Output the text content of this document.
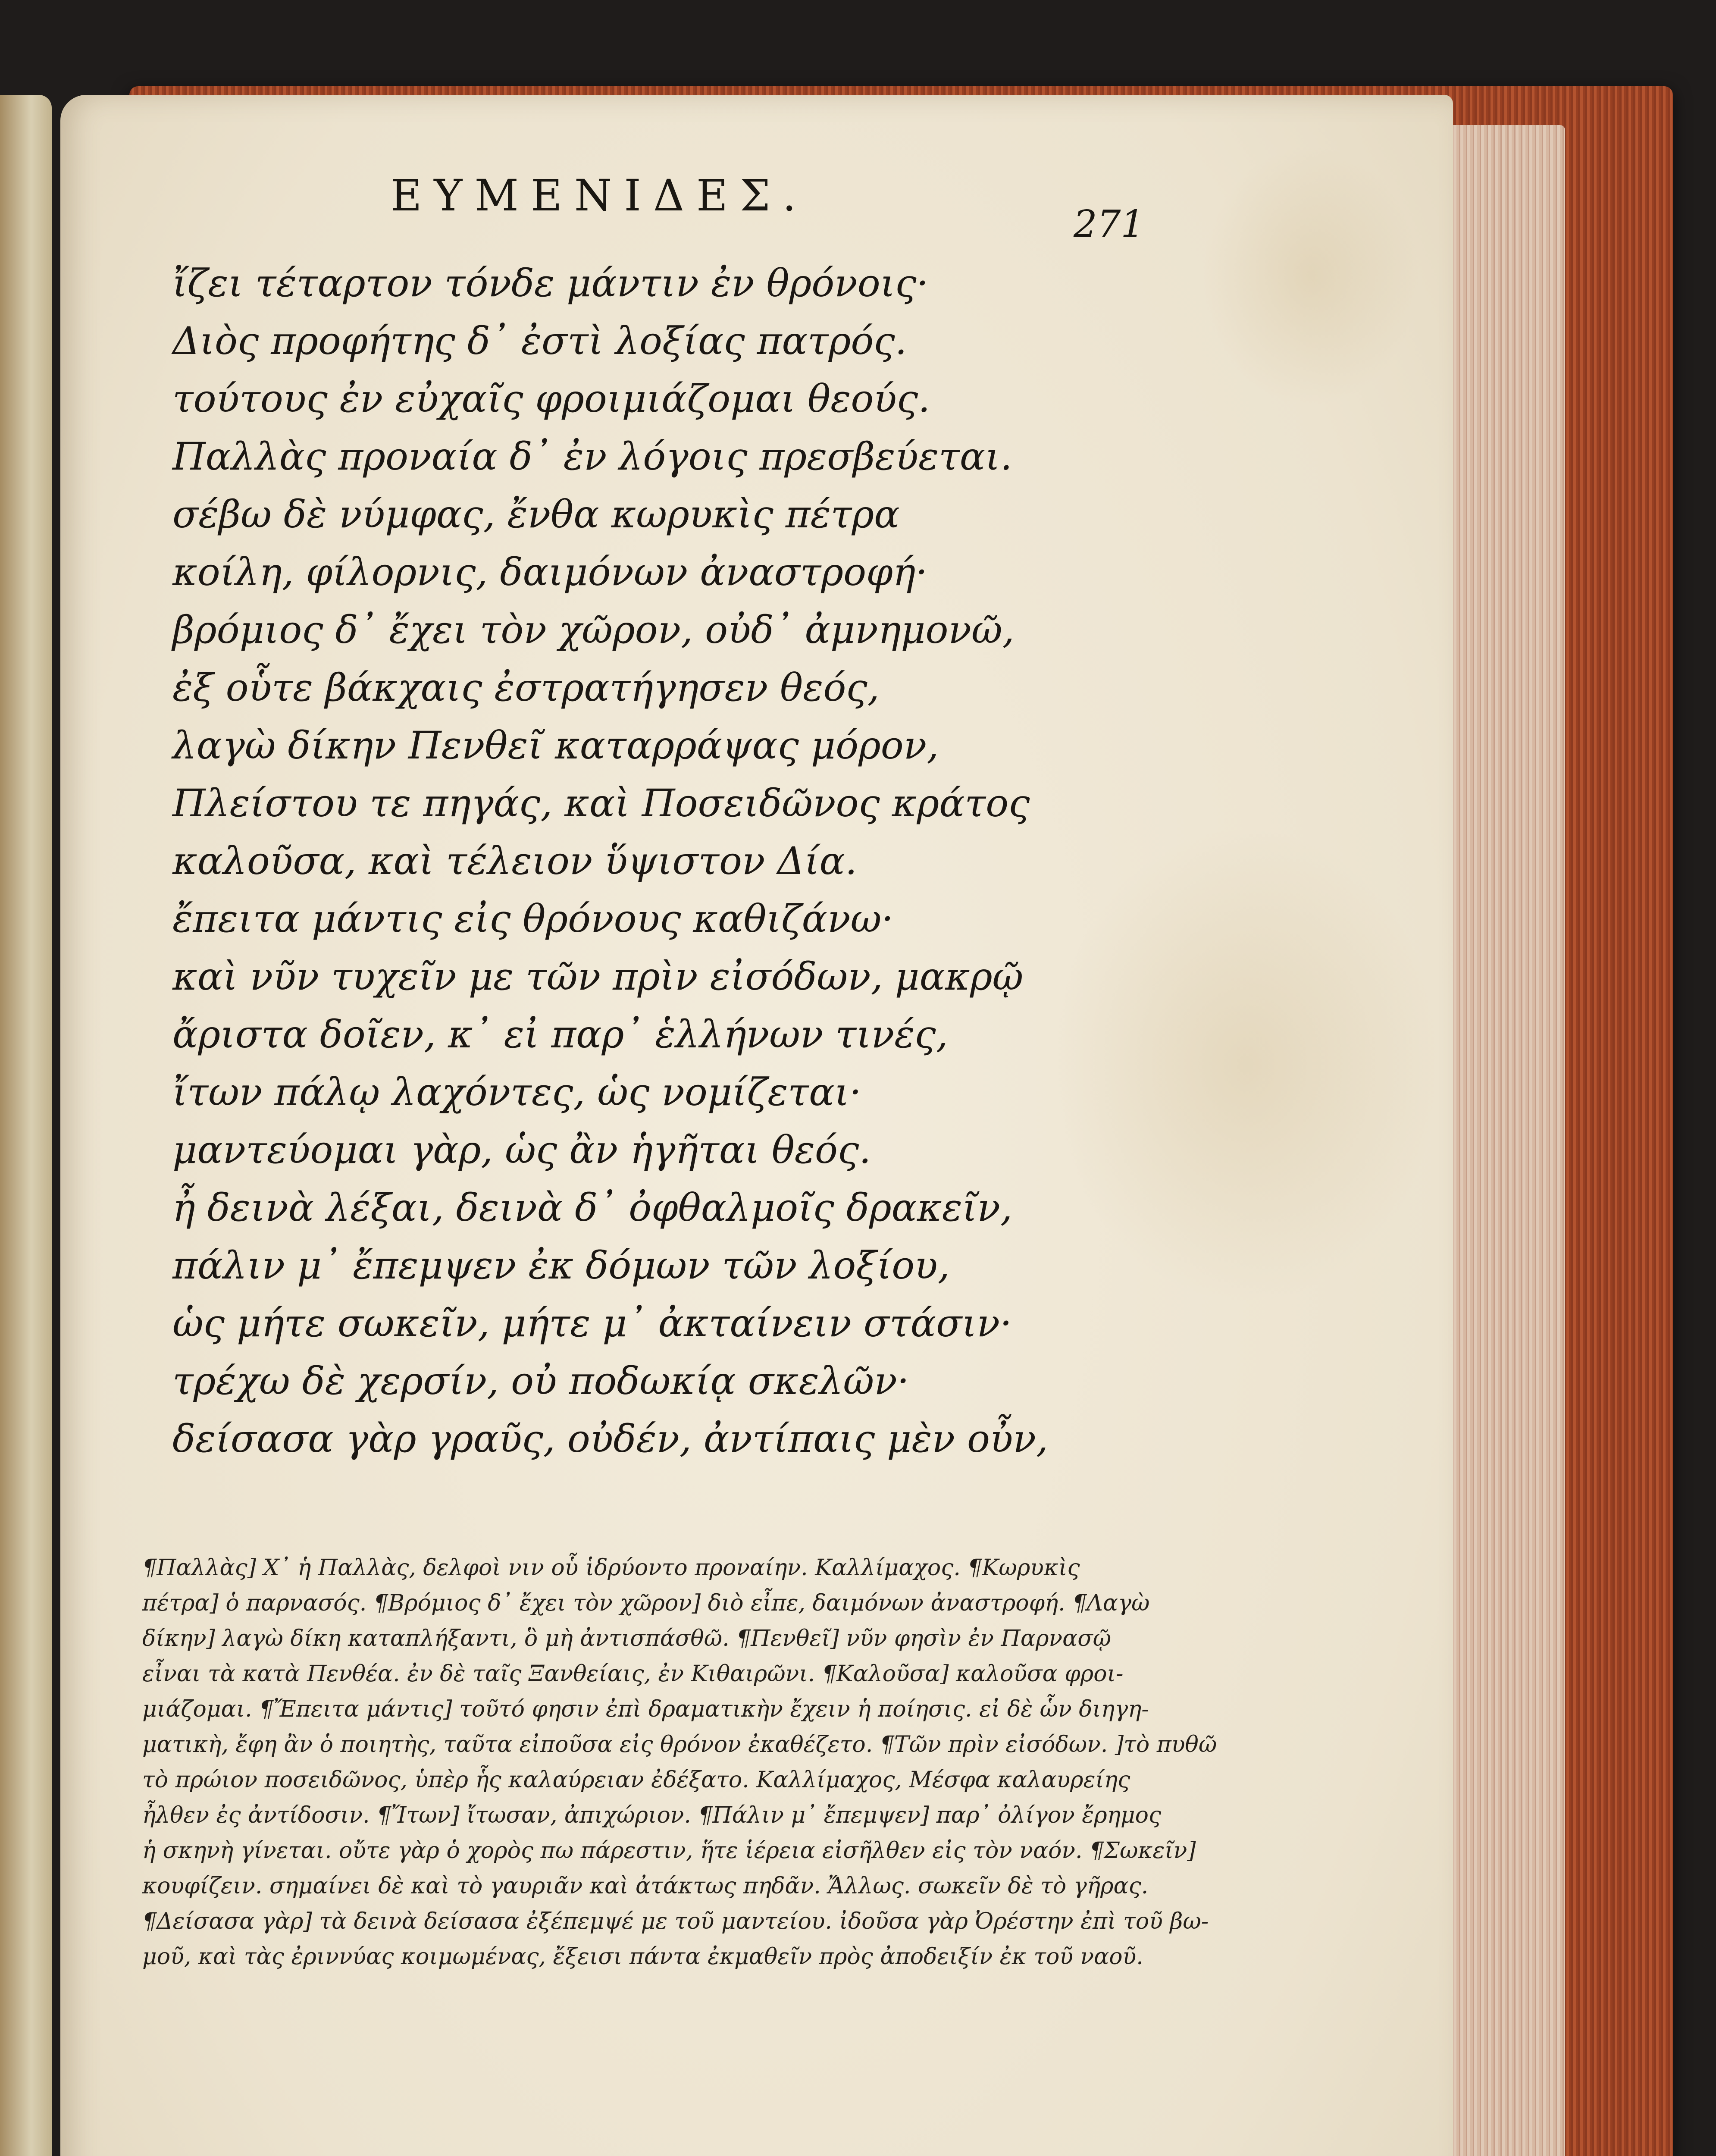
ΕΥΜΕΝΙΔΕΣ.
271
ἴζει τέταρτον τόνδε μάντιν ἐν θρόνοις·
Διὸς προφήτης δ᾽ ἐστὶ λοξίας πατρός.
τούτους ἐν εὐχαῖς φροιμιάζομαι θεούς.
Παλλὰς προναία δ᾽ ἐν λόγοις πρεσβεύεται.
σέβω δὲ νύμφας, ἔνθα κωρυκὶς πέτρα
κοίλη, φίλορνις, δαιμόνων ἀναστροφή·
βρόμιος δ᾽ ἔχει τὸν χῶρον, οὐδ᾽ ἀμνημονῶ,
ἐξ οὗτε βάκχαις ἐστρατήγησεν θεός,
λαγὼ δίκην Πενθεῖ καταρράψας μόρον,
Πλείστου τε πηγάς, καὶ Ποσειδῶνος κράτος
καλοῦσα, καὶ τέλειον ὕψιστον Δία.
ἔπειτα μάντις εἰς θρόνους καθιζάνω·
καὶ νῦν τυχεῖν με τῶν πρὶν εἰσόδων, μακρῷ
ἄριστα δοῖεν, κ᾽ εἰ παρ᾽ ἑλλήνων τινές,
ἴτων πάλῳ λαχόντες, ὡς νομίζεται·
μαντεύομαι γὰρ, ὡς ἂν ἡγῆται θεός.
ἦ δεινὰ λέξαι, δεινὰ δ᾽ ὀφθαλμοῖς δρακεῖν,
πάλιν μ᾽ ἔπεμψεν ἐκ δόμων τῶν λοξίου,
ὡς μήτε σωκεῖν, μήτε μ᾽ ἀκταίνειν στάσιν·
τρέχω δὲ χερσίν, οὐ ποδωκίᾳ σκελῶν·
δείσασα γὰρ γραῦς, οὐδέν, ἀντίπαις μὲν οὖν,
¶Παλλὰς] Χ᾽ ἡ Παλλὰς, δελφοὶ νιν οὗ ἱδρύοντο προναίην. Καλλίμαχος. ¶Κωρυκὶς
πέτρα] ὁ παρνασός. ¶Βρόμιος δ᾽ ἔχει τὸν χῶρον] διὸ εἶπε, δαιμόνων ἀναστροφή. ¶Λαγὼ
δίκην] λαγὼ δίκη καταπλήξαντι, ὃ μὴ ἀντισπάσθῶ. ¶Πενθεῖ] νῦν φησὶν ἐν Παρνασῷ
εἶναι τὰ κατὰ Πενθέα. ἐν δὲ ταῖς Ξανθείαις, ἐν Κιθαιρῶνι. ¶Καλοῦσα] καλοῦσα φροι-
μιάζομαι. ¶Ἔπειτα μάντις] τοῦτό φησιν ἐπὶ δραματικὴν ἔχειν ἡ ποίησις. εἰ δὲ ὧν διηγη-
ματικὴ, ἔφη ἂν ὁ ποιητὴς, ταῦτα εἰποῦσα εἰς θρόνον ἐκαθέζετο. ¶Τῶν πρὶν εἰσόδων. ]τὸ πυθῶ
τὸ πρώιον ποσειδῶνος, ὑπὲρ ἧς καλαύρειαν ἐδέξατο. Καλλίμαχος, Μέσφα καλαυρείης
ἦλθεν ἐς ἀντίδοσιν. ¶Ἴτων] ἴτωσαν, ἀπιχώριον. ¶Πάλιν μ᾽ ἔπεμψεν] παρ᾽ ὀλίγον ἔρημος
ἡ σκηνὴ γίνεται. οὔτε γὰρ ὁ χορὸς πω πάρεστιν, ἥτε ἱέρεια εἰσῆλθεν εἰς τὸν ναόν. ¶Σωκεῖν]
κουφίζειν. σημαίνει δὲ καὶ τὸ γαυριᾶν καὶ ἀτάκτως πηδᾶν. Ἄλλως. σωκεῖν δὲ τὸ γῆρας.
¶Δείσασα γὰρ] τὰ δεινὰ δείσασα ἐξέπεμψέ με τοῦ μαντείου. ἰδοῦσα γὰρ Ὀρέστην ἐπὶ τοῦ βω-
μοῦ, καὶ τὰς ἐριννύας κοιμωμένας, ἔξεισι πάντα ἐκμαθεῖν πρὸς ἀποδειξίν ἐκ τοῦ ναοῦ.
